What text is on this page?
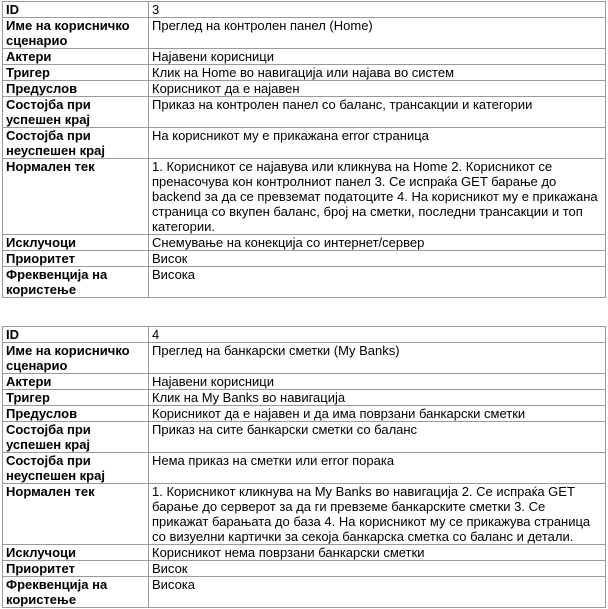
ID	3
Име на корисничко сценарио	Преглед на контролен панел (Home)
Актери	Најавени корисници
Тригер	Клик на Home во навигација или најава во систем
Предуслов	Корисникот да е најавен
Состојба при успешен крај	Приказ на контролен панел со баланс, трансакции и категории
Состојба при неуспешен крај	На корисникот му е прикажана error страница
Нормален тек	1. Корисникот се најавува или кликнува на Home 2. Корисникот се пренасочува кон контролниот панел 3. Се испраќа GET барање до backend за да се превземат податоците 4. На корисникот му е прикажана страница со вкупен баланс, број на сметки, последни трансакции и топ категории.
Исклучоци	Снемување на конекција со интернет/сервер
Приоритет	Висок
Фреквенција на користење	Висока
ID	4
Име на корисничко сценарио	Преглед на банкарски сметки (My Banks)
Актери	Најавени корисници
Тригер	Клик на My Banks во навигација
Предуслов	Корисникот да е најавен и да има поврзани банкарски сметки
Состојба при успешен крај	Приказ на сите банкарски сметки со баланс
Состојба при неуспешен крај	Нема приказ на сметки или error порака
Нормален тек	1. Корисникот кликнува на My Banks во навигација 2. Се испраќа GET барање до серверот за да ги превземе банкарските сметки 3. Се прикажат барањата до база 4. На корисникот му се прикажува страница со визуелни картички за секоја банкарска сметка со баланс и детали.
Исклучоци	Корисникот нема поврзани банкарски сметки
Приоритет	Висок
Фреквенција на користење	Висока
